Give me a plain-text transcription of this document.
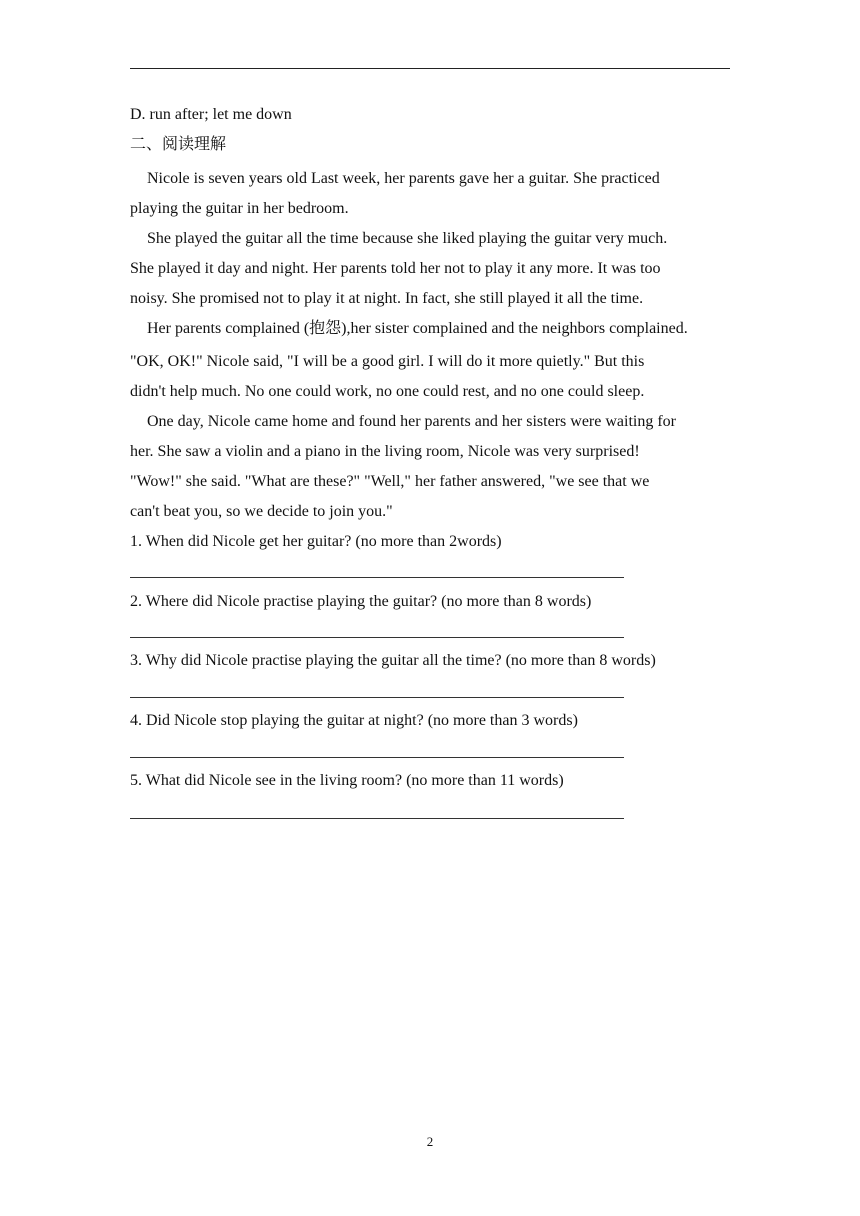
D. run after; let me down
二、阅读理解
Nicole is seven years old Last week, her parents gave her a guitar. She practiced
playing the guitar in her bedroom.
She played the guitar all the time because she liked playing the guitar very much.
She played it day and night. Her parents told her not to play it any more. It was too
noisy. She promised not to play it at night. In fact, she still played it all the time.
Her parents complained (抱怨),her sister complained and the neighbors complained.
"OK, OK!" Nicole said, "I will be a good girl. I will do it more quietly." But this
didn't help much. No one could work, no one could rest, and no one could sleep.
One day, Nicole came home and found her parents and her sisters were waiting for
her. She saw a violin and a piano in the living room, Nicole was very surprised!
"Wow!" she said. "What are these?" "Well," her father answered, "we see that we
can't beat you, so we decide to join you."
1. When did Nicole get her guitar? (no more than 2words)
2. Where did Nicole practise playing the guitar? (no more than 8 words)
3. Why did Nicole practise playing the guitar all the time? (no more than 8 words)
4. Did Nicole stop playing the guitar at night? (no more than 3 words)
5. What did Nicole see in the living room? (no more than 11 words)
2
